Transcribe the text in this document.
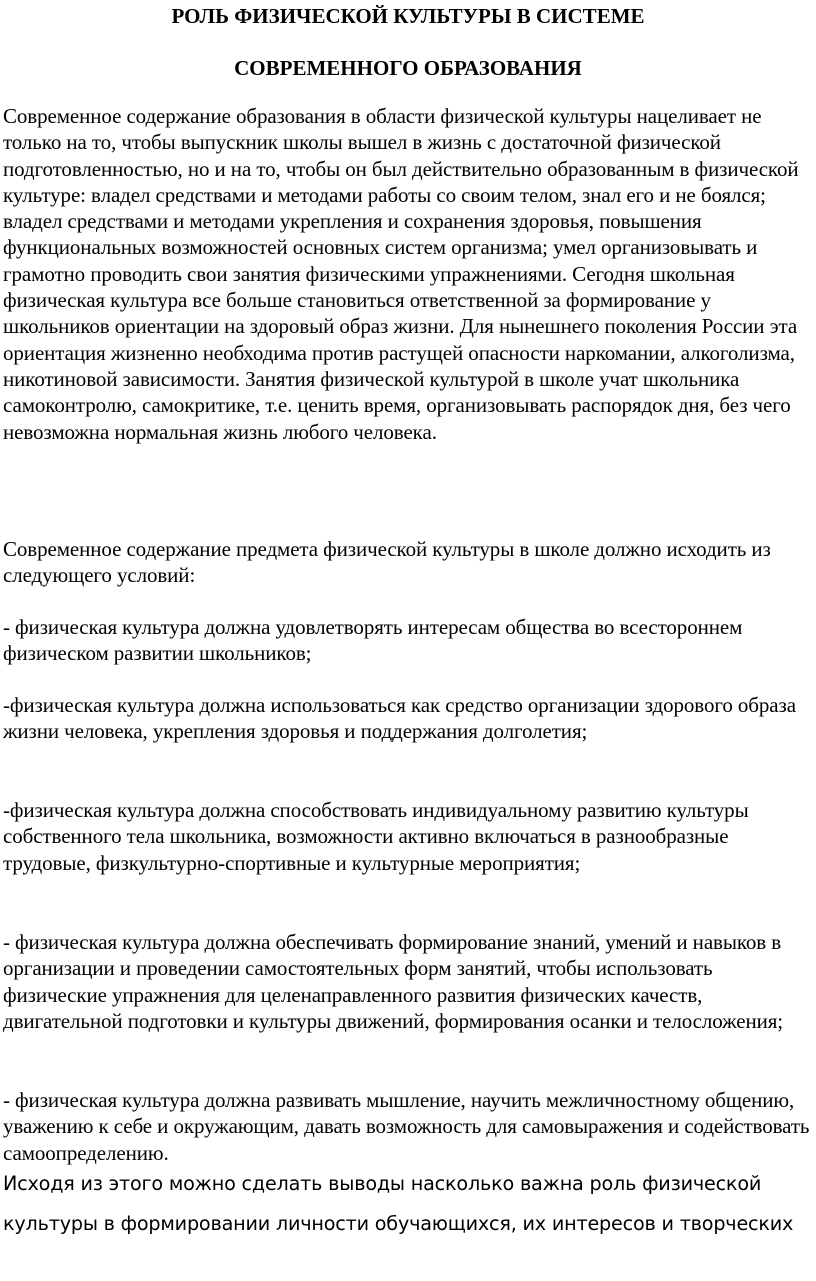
РОЛЬ ФИЗИЧЕСКОЙ КУЛЬТУРЫ В СИСТЕМЕ
СОВРЕМЕННОГО ОБРАЗОВАНИЯ

Современное содержание образования в области физической культуры нацеливает не только на то, чтобы выпускник школы вышел в жизнь с достаточной физической подготовленностью, но и на то, чтобы он был действительно образованным в физической культуре: владел средствами и методами работы со своим телом, знал его и не боялся; владел средствами и методами укрепления и сохранения здоровья, повышения функциональных возможностей основных систем организма; умел организовывать и грамотно проводить свои занятия физическими упражнениями. Сегодня школьная физическая культура все больше становиться ответственной за формирование у школьников ориентации на здоровый образ жизни. Для нынешнего поколения России эта ориентация жизненно необходима против растущей опасности наркомании, алкоголизма, никотиновой зависимости. Занятия физической культурой в школе учат школьника самоконтролю, самокритике, т.е. ценить время, организовывать распорядок дня, без чего невозможна нормальная жизнь любого человека.

Современное содержание предмета физической культуры в школе должно исходить из следующего условий:

- физическая культура должна удовлетворять интересам общества во всестороннем физическом развитии школьников;

-физическая культура должна использоваться как средство организации здорового образа жизни человека, укрепления здоровья и поддержания долголетия;

-физическая культура должна способствовать индивидуальному развитию культуры собственного тела школьника, возможности активно включаться в разнообразные трудовые, физкультурно-спортивные и культурные мероприятия;

- физическая культура должна обеспечивать формирование знаний, умений и навыков в организации и проведении самостоятельных форм занятий, чтобы использовать физические упражнения для целенаправленного развития физических качеств, двигательной подготовки и культуры движений, формирования осанки и телосложения;

- физическая культура должна развивать мышление, научить межличностному общению, уважению к себе и окружающим, давать возможность для самовыражения и содействовать самоопределению.

Исходя из этого можно сделать выводы насколько важна роль физической культуры в формировании личности обучающихся, их интересов и творческих
